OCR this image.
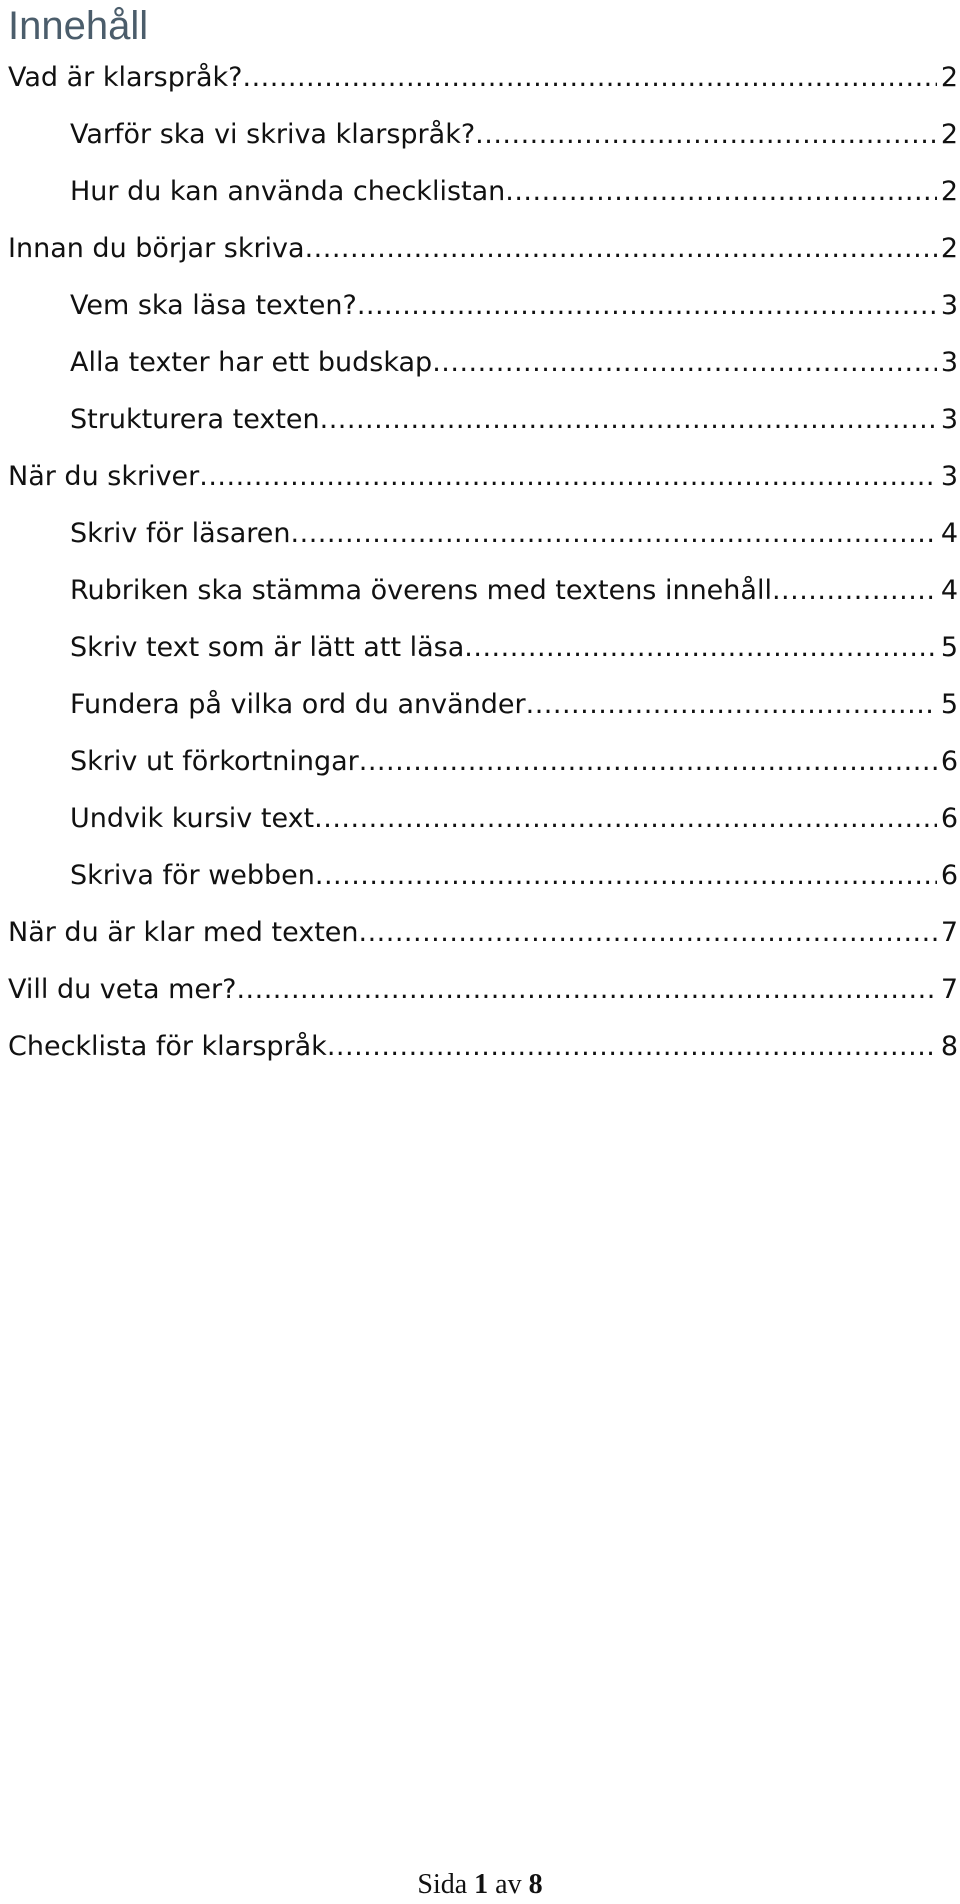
Innehåll
Vad är klarspråk? .....	2
Varför ska vi skriva klarspråk? .....	2
Hur du kan använda checklistan .....	2
Innan du börjar skriva .....	2
Vem ska läsa texten? .....	3
Alla texter har ett budskap .....	3
Strukturera texten .....	3
När du skriver .....	3
Skriv för läsaren .....	4
Rubriken ska stämma överens med textens innehåll .....	4
Skriv text som är lätt att läsa .....	5
Fundera på vilka ord du använder .....	5
Skriv ut förkortningar .....	6
Undvik kursiv text .....	6
Skriva för webben .....	6
När du är klar med texten .....	7
Vill du veta mer? .....	7
Checklista för klarspråk .....	8
Sida 1 av 8
